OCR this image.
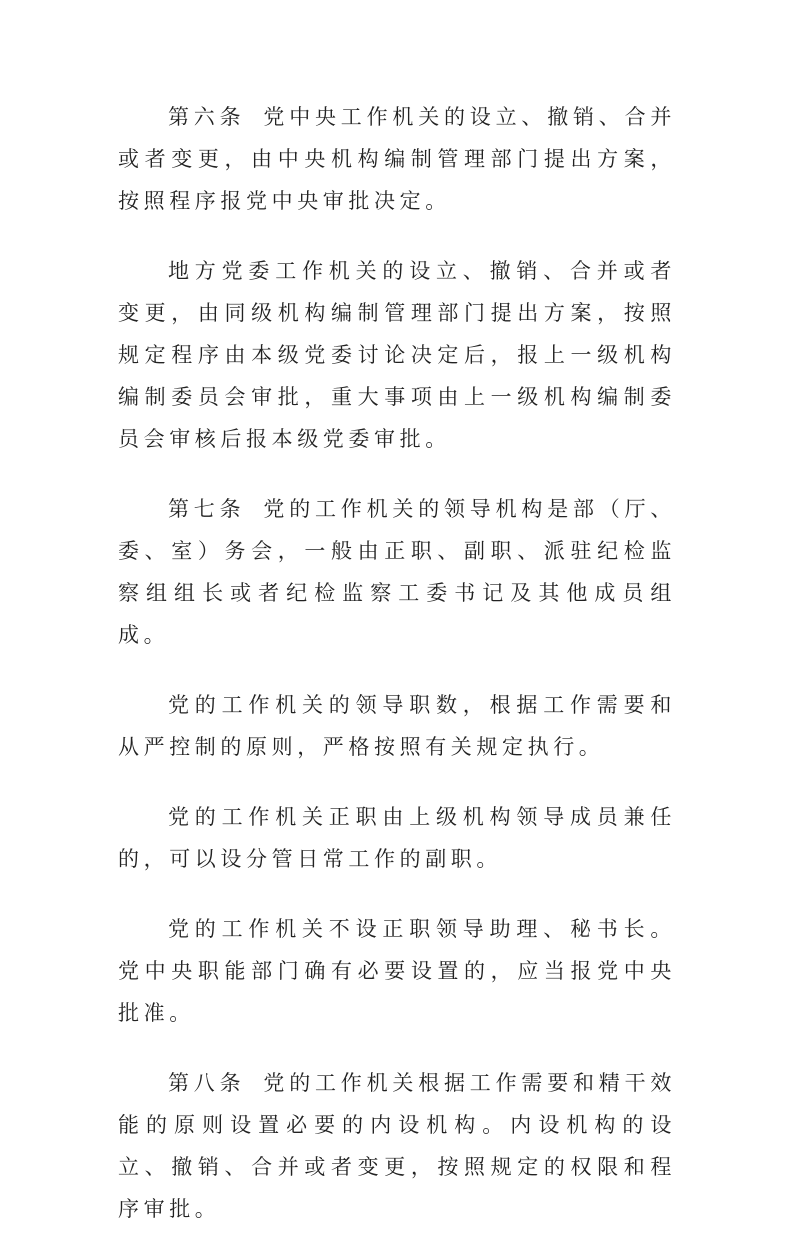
第六条 党中央工作机关的设立、撤销、合并或者变更，由中央机构编制管理部门提出方案，按照程序报党中央审批决定。

地方党委工作机关的设立、撤销、合并或者变更，由同级机构编制管理部门提出方案，按照规定程序由本级党委讨论决定后，报上一级机构编制委员会审批，重大事项由上一级机构编制委员会审核后报本级党委审批。

第七条 党的工作机关的领导机构是部（厅、委、室）务会，一般由正职、副职、派驻纪检监察组组长或者纪检监察工委书记及其他成员组成。

党的工作机关的领导职数，根据工作需要和从严控制的原则，严格按照有关规定执行。

党的工作机关正职由上级机构领导成员兼任的，可以设分管日常工作的副职。

党的工作机关不设正职领导助理、秘书长。党中央职能部门确有必要设置的，应当报党中央批准。

第八条 党的工作机关根据工作需要和精干效能的原则设置必要的内设机构。内设机构的设立、撤销、合并或者变更，按照规定的权限和程序审批。
